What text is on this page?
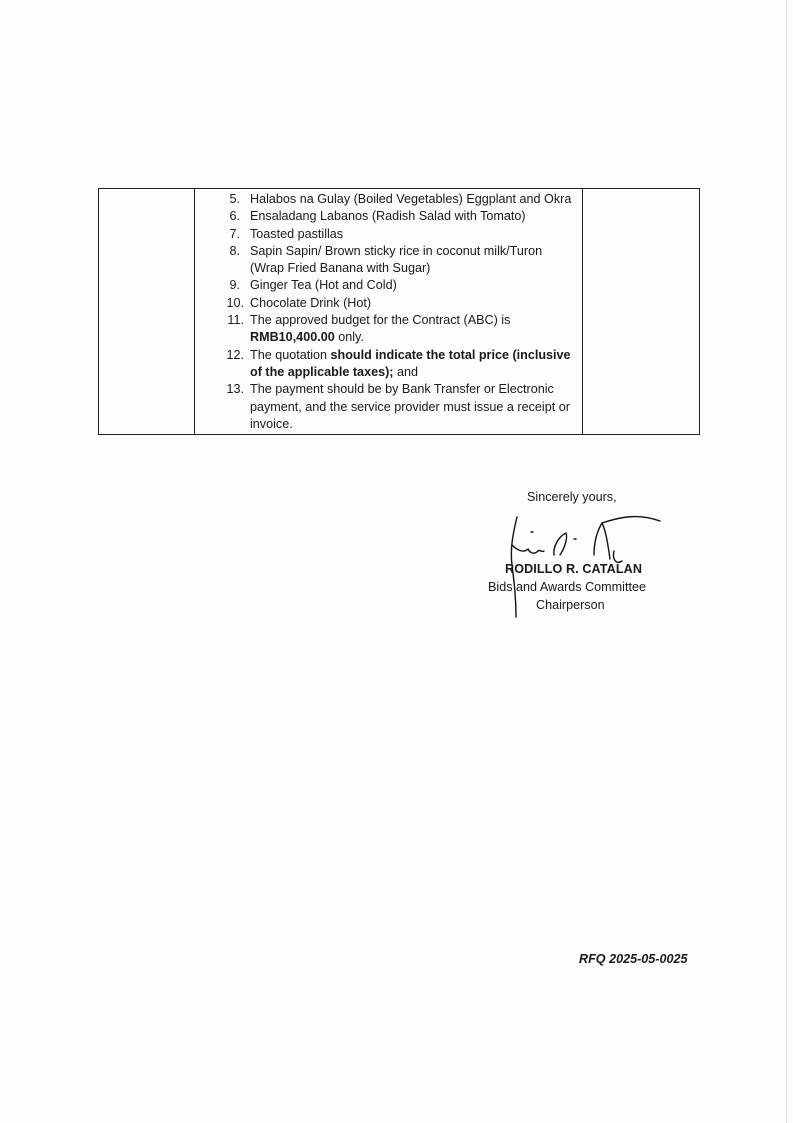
5. Halabos na Gulay (Boiled Vegetables) Eggplant and Okra
6. Ensaladang Labanos (Radish Salad with Tomato)
7. Toasted pastillas
8. Sapin Sapin/ Brown sticky rice in coconut milk/Turon (Wrap Fried Banana with Sugar)
9. Ginger Tea (Hot and Cold)
10. Chocolate Drink (Hot)
11. The approved budget for the Contract (ABC) is RMB10,400.00 only.
12. The quotation should indicate the total price (inclusive of the applicable taxes); and
13. The payment should be by Bank Transfer or Electronic payment, and the service provider must issue a receipt or invoice.

Sincerely yours,
RODILLO R. CATALAN
Bids and Awards Committee
Chairperson
RFQ 2025-05-0025
